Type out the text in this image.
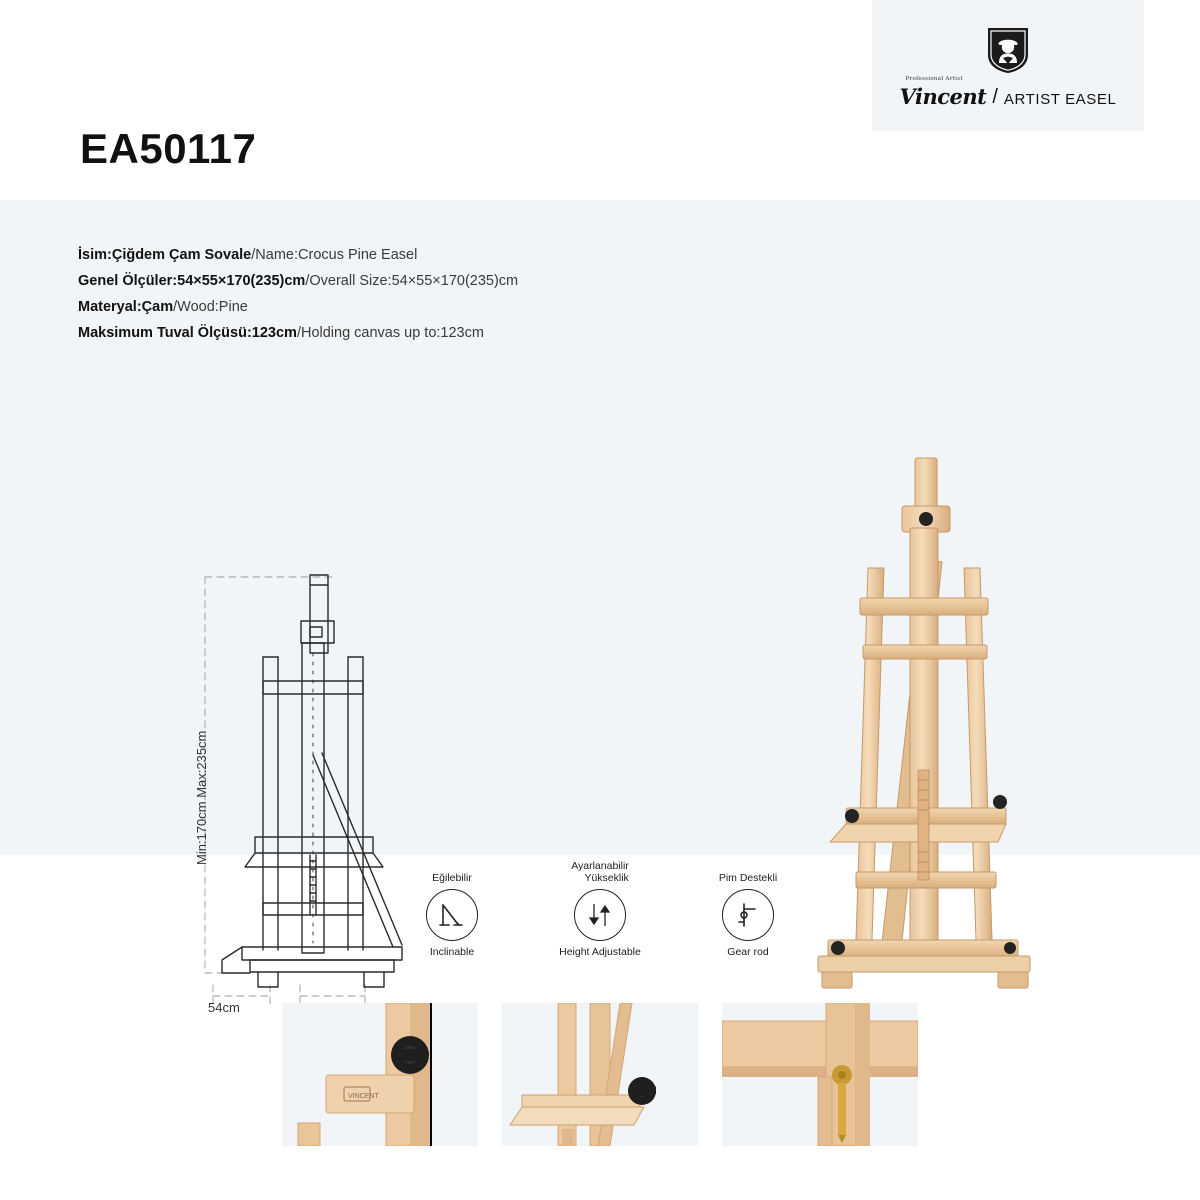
Professional Artist
Vincent / ARTIST EASEL
EA50117
İsim:Çiğdem Çam Sovale/Name:Crocus Pine Easel
Genel Ölçüler:54×55×170(235)cm/Overall Size:54×55×170(235)cm
Materyal:Çam/Wood:Pine
Maksimum Tuval Ölçüsü:123cm/Holding canvas up to:123cm
Min:170cm Max:235cm
54cm
Eğilebilir
Inclinable
Ayarlanabilir
Yükseklik
Height Adjustable
Pim Destekli
Gear rod
VINCENT
